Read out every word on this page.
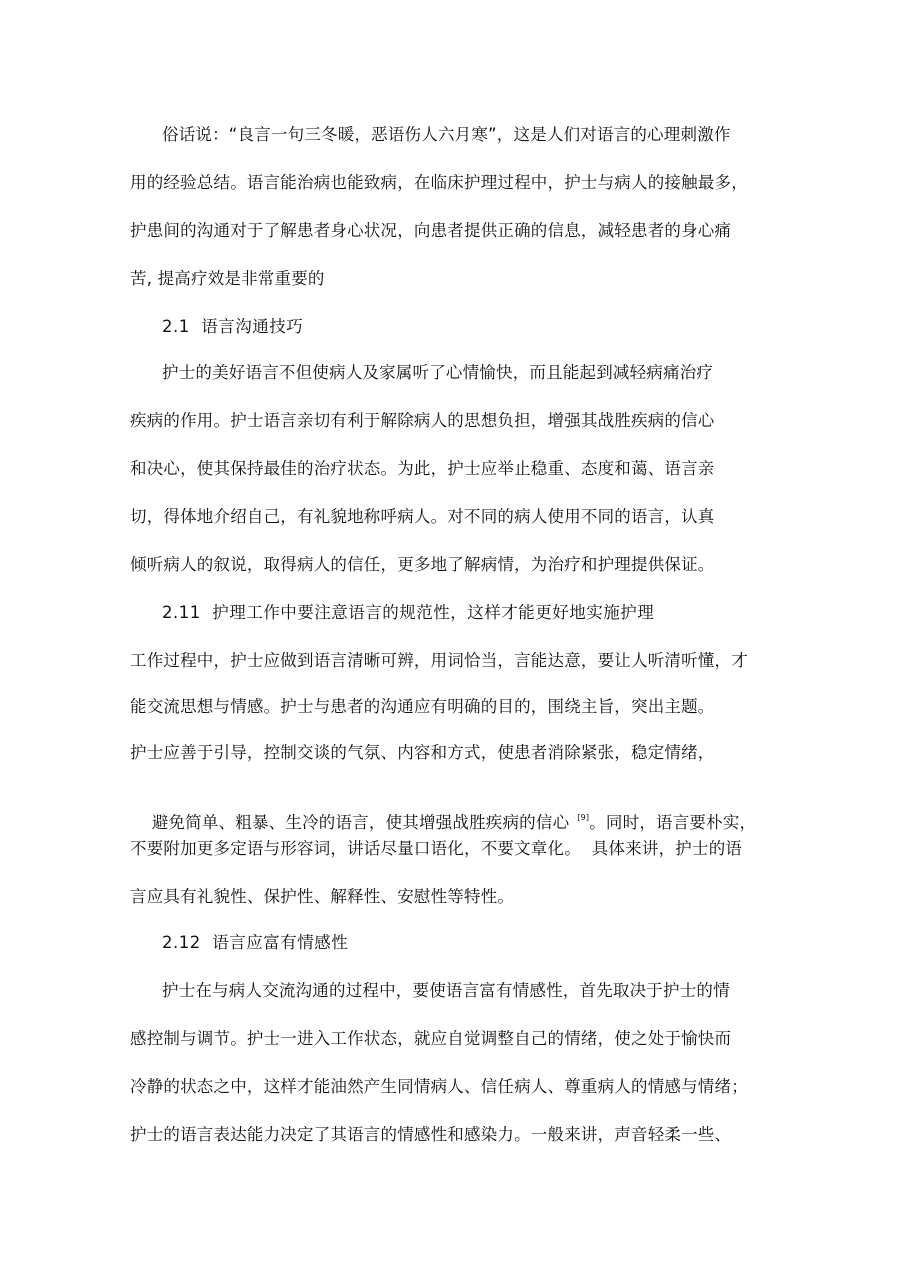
俗话说：“良言一句三冬暖，恶语伤人六月寒”，这是人们对语言的心理刺激作
用的经验总结。语言能治病也能致病，在临床护理过程中，护士与病人的接触最多，
护患间的沟通对于了解患者身心状况，向患者提供正确的信息，减轻患者的身心痛
苦, 提高疗效是非常重要的
2.1  语言沟通技巧
护士的美好语言不但使病人及家属听了心情愉快，而且能起到减轻病痛治疗
疾病的作用。护士语言亲切有利于解除病人的思想负担，增强其战胜疾病的信心
和决心，使其保持最佳的治疗状态。为此，护士应举止稳重、态度和蔼、语言亲
切，得体地介绍自己，有礼貌地称呼病人。对不同的病人使用不同的语言，认真
倾听病人的叙说，取得病人的信任，更多地了解病情，为治疗和护理提供保证。
2.11  护理工作中要注意语言的规范性，这样才能更好地实施护理
工作过程中，护士应做到语言清晰可辨，用词恰当，言能达意，要让人听清听懂，才
能交流思想与情感。护士与患者的沟通应有明确的目的，围绕主旨，突出主题。
护士应善于引导，控制交谈的气氛、内容和方式，使患者消除紧张，稳定情绪，

避免简单、粗暴、生冷的语言，使其增强战胜疾病的信心 [9]。同时，语言要朴实，

不要附加更多定语与形容词，讲话尽量口语化，不要文章化。  具体来讲，护士的语
言应具有礼貌性、保护性、解释性、安慰性等特性。
2.12  语言应富有情感性
护士在与病人交流沟通的过程中，要使语言富有情感性，首先取决于护士的情
感控制与调节。护士一进入工作状态，就应自觉调整自己的情绪，使之处于愉快而
冷静的状态之中，这样才能油然产生同情病人、信任病人、尊重病人的情感与情绪；
护士的语言表达能力决定了其语言的情感性和感染力。一般来讲，声音轻柔一些、
